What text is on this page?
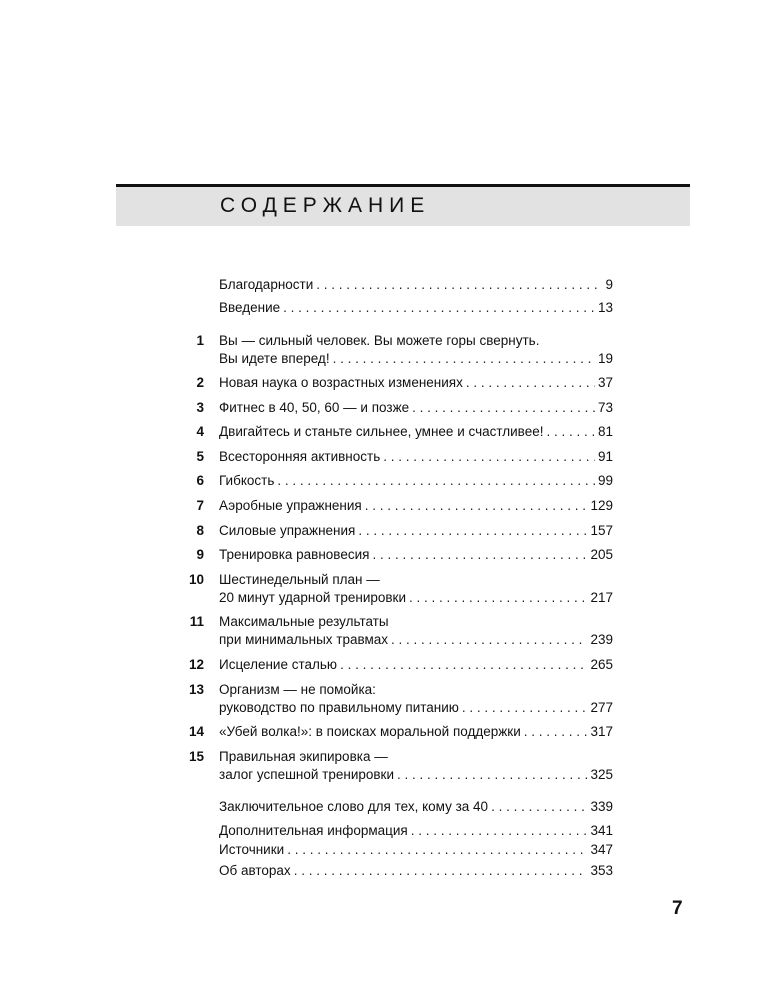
СОДЕРЖАНИЕ
Благодарности . . .	9
Введение . . .	13
1 Вы — сильный человек. Вы можете горы свернуть.
Вы идете вперед! . . .	19
2 Новая наука о возрастных изменениях . . .	37
3 Фитнес в 40, 50, 60 — и позже . . .	73
4 Двигайтесь и станьте сильнее, умнее и счастливее! . . .	81
5 Всесторонняя активность . . .	91
6 Гибкость . . .	99
7 Аэробные упражнения . . .	129
8 Силовые упражнения . . .	157
9 Тренировка равновесия . . .	205
10 Шестинедельный план —
20 минут ударной тренировки . . .	217
11 Максимальные результаты
при минимальных травмах . . .	239
12 Исцеление сталью . . .	265
13 Организм — не помойка:
руководство по правильному питанию . . .	277
14 «Убей волка!»: в поисках моральной поддержки . . .	317
15 Правильная экипировка —
залог успешной тренировки . . .	325
Заключительное слово для тех, кому за 40 . . .	339
Дополнительная информация . . .	341
Источники . . .	347
Об авторах . . .	353
7
